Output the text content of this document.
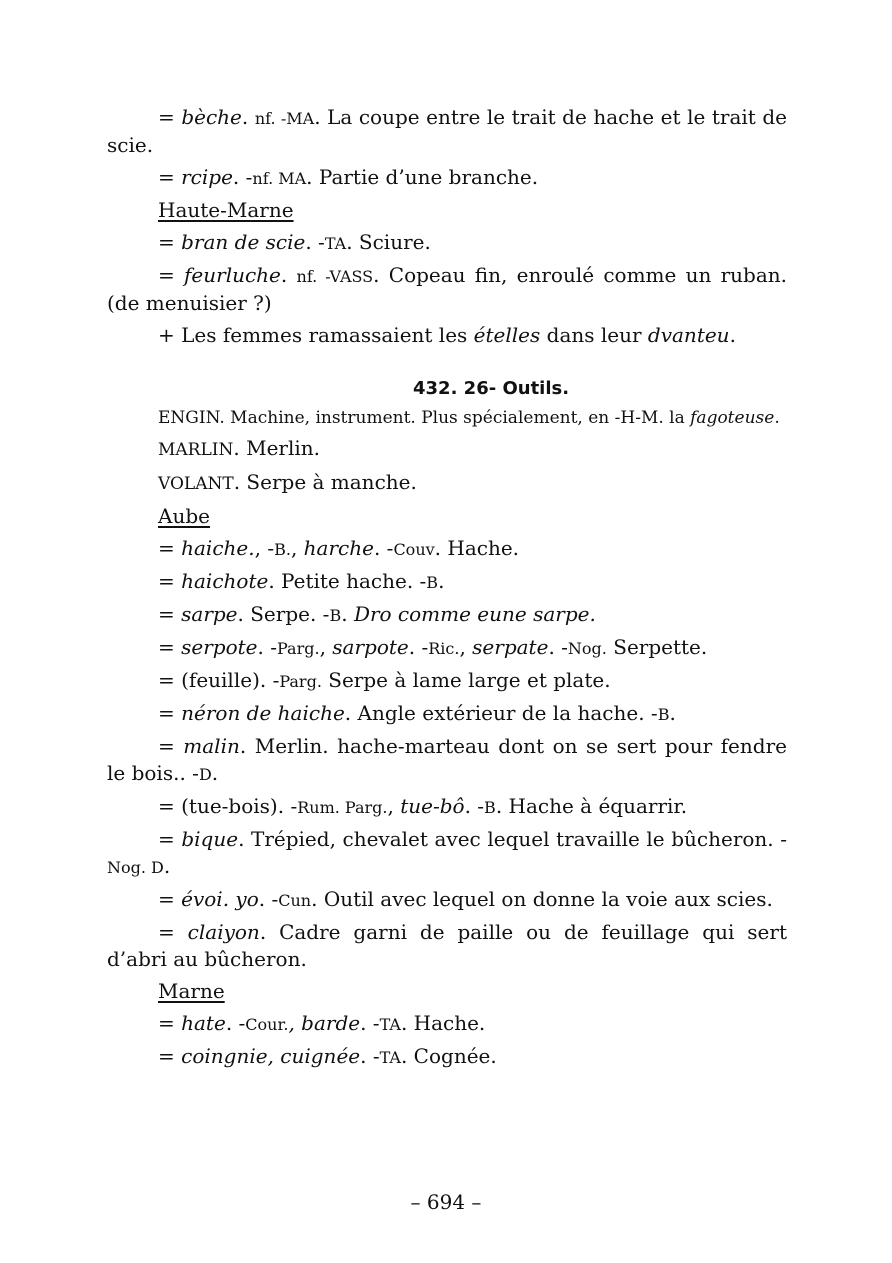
= bèche. nf. -MA. La coupe entre le trait de hache et le trait de scie.

= rcipe. -nf. MA. Partie d’une branche.

Haute-Marne

= bran de scie. -TA. Sciure.

= feurluche. nf. -VASS. Copeau fin, enroulé comme un ruban. (de menuisier ?)

+ Les femmes ramassaient les ételles dans leur dvanteu.

432. 26- Outils.

ENGIN. Machine, instrument. Plus spécialement, en -H-M. la fagoteuse.

MARLIN. Merlin.

VOLANT. Serpe à manche.

Aube

= haiche., -B., harche. -Couv. Hache.

= haichote. Petite hache. -B.

= sarpe. Serpe. -B. Dro comme eune sarpe.

= serpote. -Parg., sarpote. -Ric., serpate. -Nog. Serpette.

= (feuille). -Parg. Serpe à lame large et plate.

= néron de haiche. Angle extérieur de la hache. -B.

= malin. Merlin. hache-marteau dont on se sert pour fendre le bois.. -D.

= (tue-bois). -Rum. Parg., tue-bô. -B. Hache à équarrir.

= bique. Trépied, chevalet avec lequel travaille le bûcheron. -Nog. D.

= évoi. yo. -Cun. Outil avec lequel on donne la voie aux scies.

= claiyon. Cadre garni de paille ou de feuillage qui sert d’abri au bûcheron.

Marne

= hate. -Cour., barde. -TA. Hache.

= coingnie, cuignée. -TA. Cognée.

– 694 –
